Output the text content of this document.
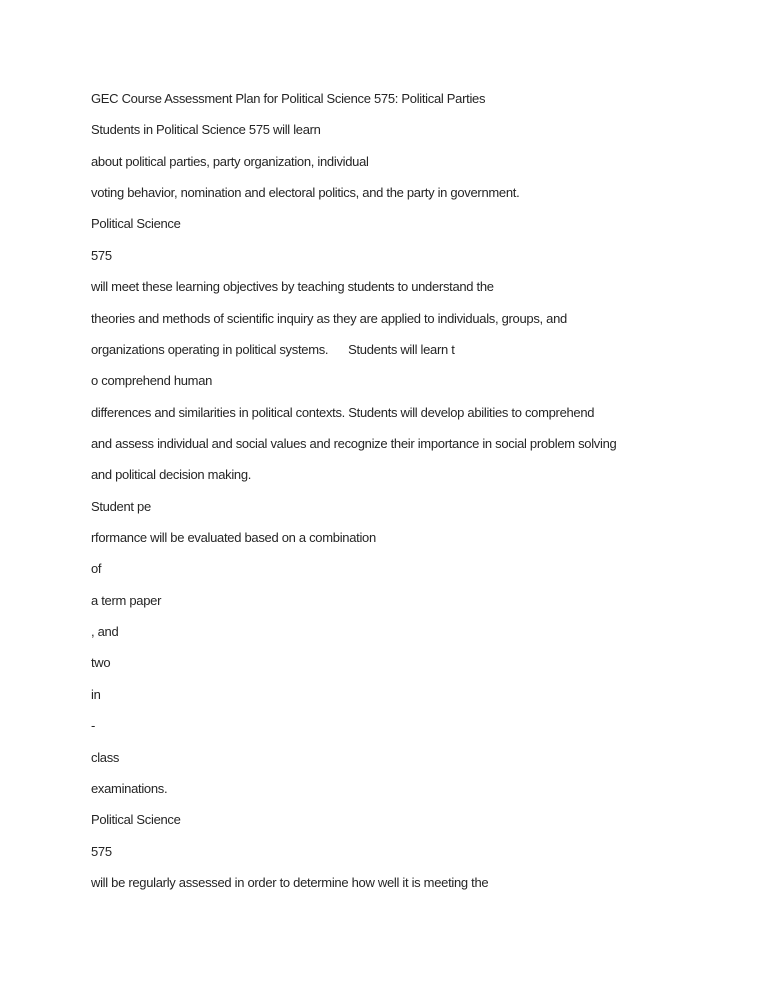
GEC Course Assessment Plan for Political Science 575: Political Parties

Students in Political Science 575 will learn

about political parties, party organization, individual

voting behavior, nomination and electoral politics, and the party in government.

Political Science

575

will meet these learning objectives by teaching students to understand the

theories and methods of scientific inquiry as they are applied to individuals, groups, and

organizations operating in political systems.      Students will learn t

o comprehend human

differences and similarities in political contexts. Students will develop abilities to comprehend

and assess individual and social values and recognize their importance in social problem solving

and political decision making.

Student pe

rformance will be evaluated based on a combination

of

a term paper

, and

two

in

-

class

examinations.

Political Science

575

will be regularly assessed in order to determine how well it is meeting the
